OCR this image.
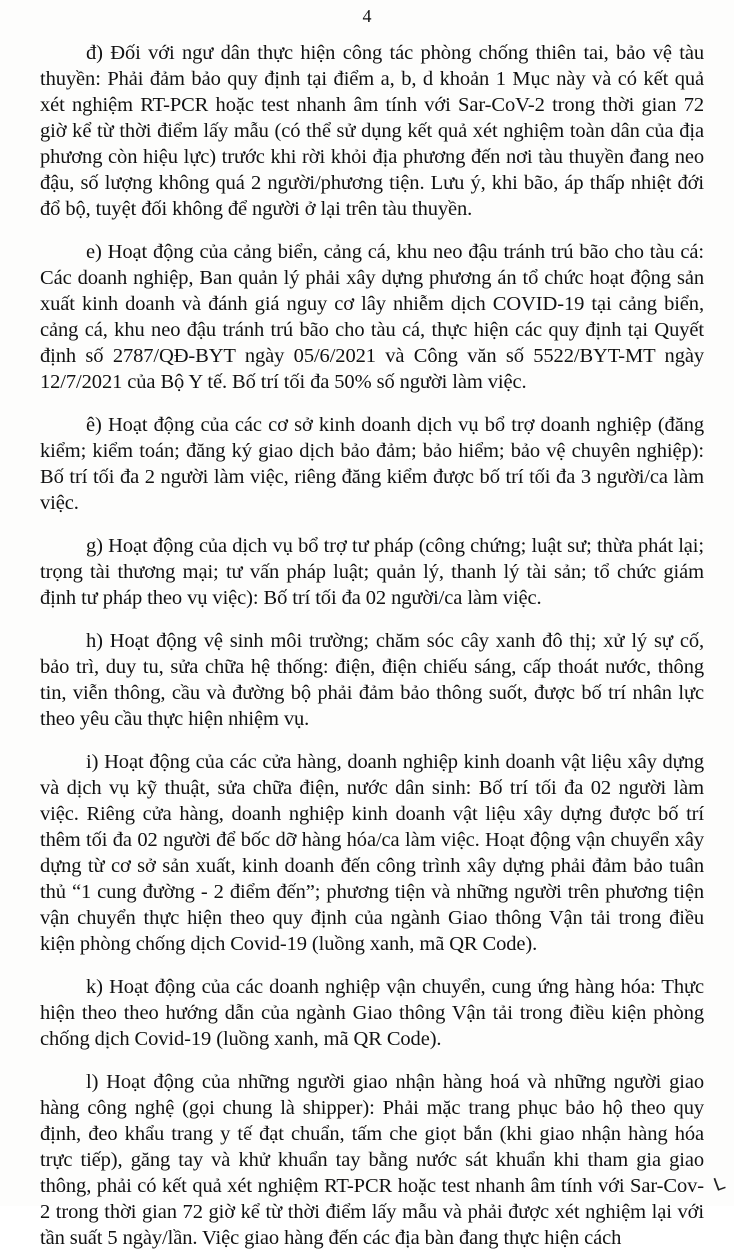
4

đ) Đối với ngư dân thực hiện công tác phòng chống thiên tai, bảo vệ tàu thuyền: Phải đảm bảo quy định tại điểm a, b, d khoản 1 Mục này và có kết quả xét nghiệm RT-PCR hoặc test nhanh âm tính với Sar-CoV-2 trong thời gian 72 giờ kể từ thời điểm lấy mẫu (có thể sử dụng kết quả xét nghiệm toàn dân của địa phương còn hiệu lực) trước khi rời khỏi địa phương đến nơi tàu thuyền đang neo đậu, số lượng không quá 2 người/phương tiện. Lưu ý, khi bão, áp thấp nhiệt đới đổ bộ, tuyệt đối không để người ở lại trên tàu thuyền.

e) Hoạt động của cảng biển, cảng cá, khu neo đậu tránh trú bão cho tàu cá: Các doanh nghiệp, Ban quản lý phải xây dựng phương án tổ chức hoạt động sản xuất kinh doanh và đánh giá nguy cơ lây nhiễm dịch COVID-19 tại cảng biển, cảng cá, khu neo đậu tránh trú bão cho tàu cá, thực hiện các quy định tại Quyết định số 2787/QĐ-BYT ngày 05/6/2021 và Công văn số 5522/BYT-MT ngày 12/7/2021 của Bộ Y tế. Bố trí tối đa 50% số người làm việc.

ê) Hoạt động của các cơ sở kinh doanh dịch vụ bổ trợ doanh nghiệp (đăng kiểm; kiểm toán; đăng ký giao dịch bảo đảm; bảo hiểm; bảo vệ chuyên nghiệp): Bố trí tối đa 2 người làm việc, riêng đăng kiểm được bố trí tối đa 3 người/ca làm việc.

g) Hoạt động của dịch vụ bổ trợ tư pháp (công chứng; luật sư; thừa phát lại; trọng tài thương mại; tư vấn pháp luật; quản lý, thanh lý tài sản; tổ chức giám định tư pháp theo vụ việc): Bố trí tối đa 02 người/ca làm việc.

h) Hoạt động vệ sinh môi trường; chăm sóc cây xanh đô thị; xử lý sự cố, bảo trì, duy tu, sửa chữa hệ thống: điện, điện chiếu sáng, cấp thoát nước, thông tin, viễn thông, cầu và đường bộ phải đảm bảo thông suốt, được bố trí nhân lực theo yêu cầu thực hiện nhiệm vụ.

i) Hoạt động của các cửa hàng, doanh nghiệp kinh doanh vật liệu xây dựng và dịch vụ kỹ thuật, sửa chữa điện, nước dân sinh: Bố trí tối đa 02 người làm việc. Riêng cửa hàng, doanh nghiệp kinh doanh vật liệu xây dựng được bố trí thêm tối đa 02 người để bốc dỡ hàng hóa/ca làm việc. Hoạt động vận chuyển xây dựng từ cơ sở sản xuất, kinh doanh đến công trình xây dựng phải đảm bảo tuân thủ “1 cung đường - 2 điểm đến”; phương tiện và những người trên phương tiện vận chuyển thực hiện theo quy định của ngành Giao thông Vận tải trong điều kiện phòng chống dịch Covid-19 (luồng xanh, mã QR Code).

k) Hoạt động của các doanh nghiệp vận chuyển, cung ứng hàng hóa: Thực hiện theo theo hướng dẫn của ngành Giao thông Vận tải trong điều kiện phòng chống dịch Covid-19 (luồng xanh, mã QR Code).

l) Hoạt động của những người giao nhận hàng hoá và những người giao hàng công nghệ (gọi chung là shipper): Phải mặc trang phục bảo hộ theo quy định, đeo khẩu trang y tế đạt chuẩn, tấm che giọt bắn (khi giao nhận hàng hóa trực tiếp), găng tay và khử khuẩn tay bằng nước sát khuẩn khi tham gia giao thông, phải có kết quả xét nghiệm RT-PCR hoặc test nhanh âm tính với Sar-Cov-2 trong thời gian 72 giờ kể từ thời điểm lấy mẫu và phải được xét nghiệm lại với tần suất 5 ngày/lần. Việc giao hàng đến các địa bàn đang thực hiện cách

ᒪ
